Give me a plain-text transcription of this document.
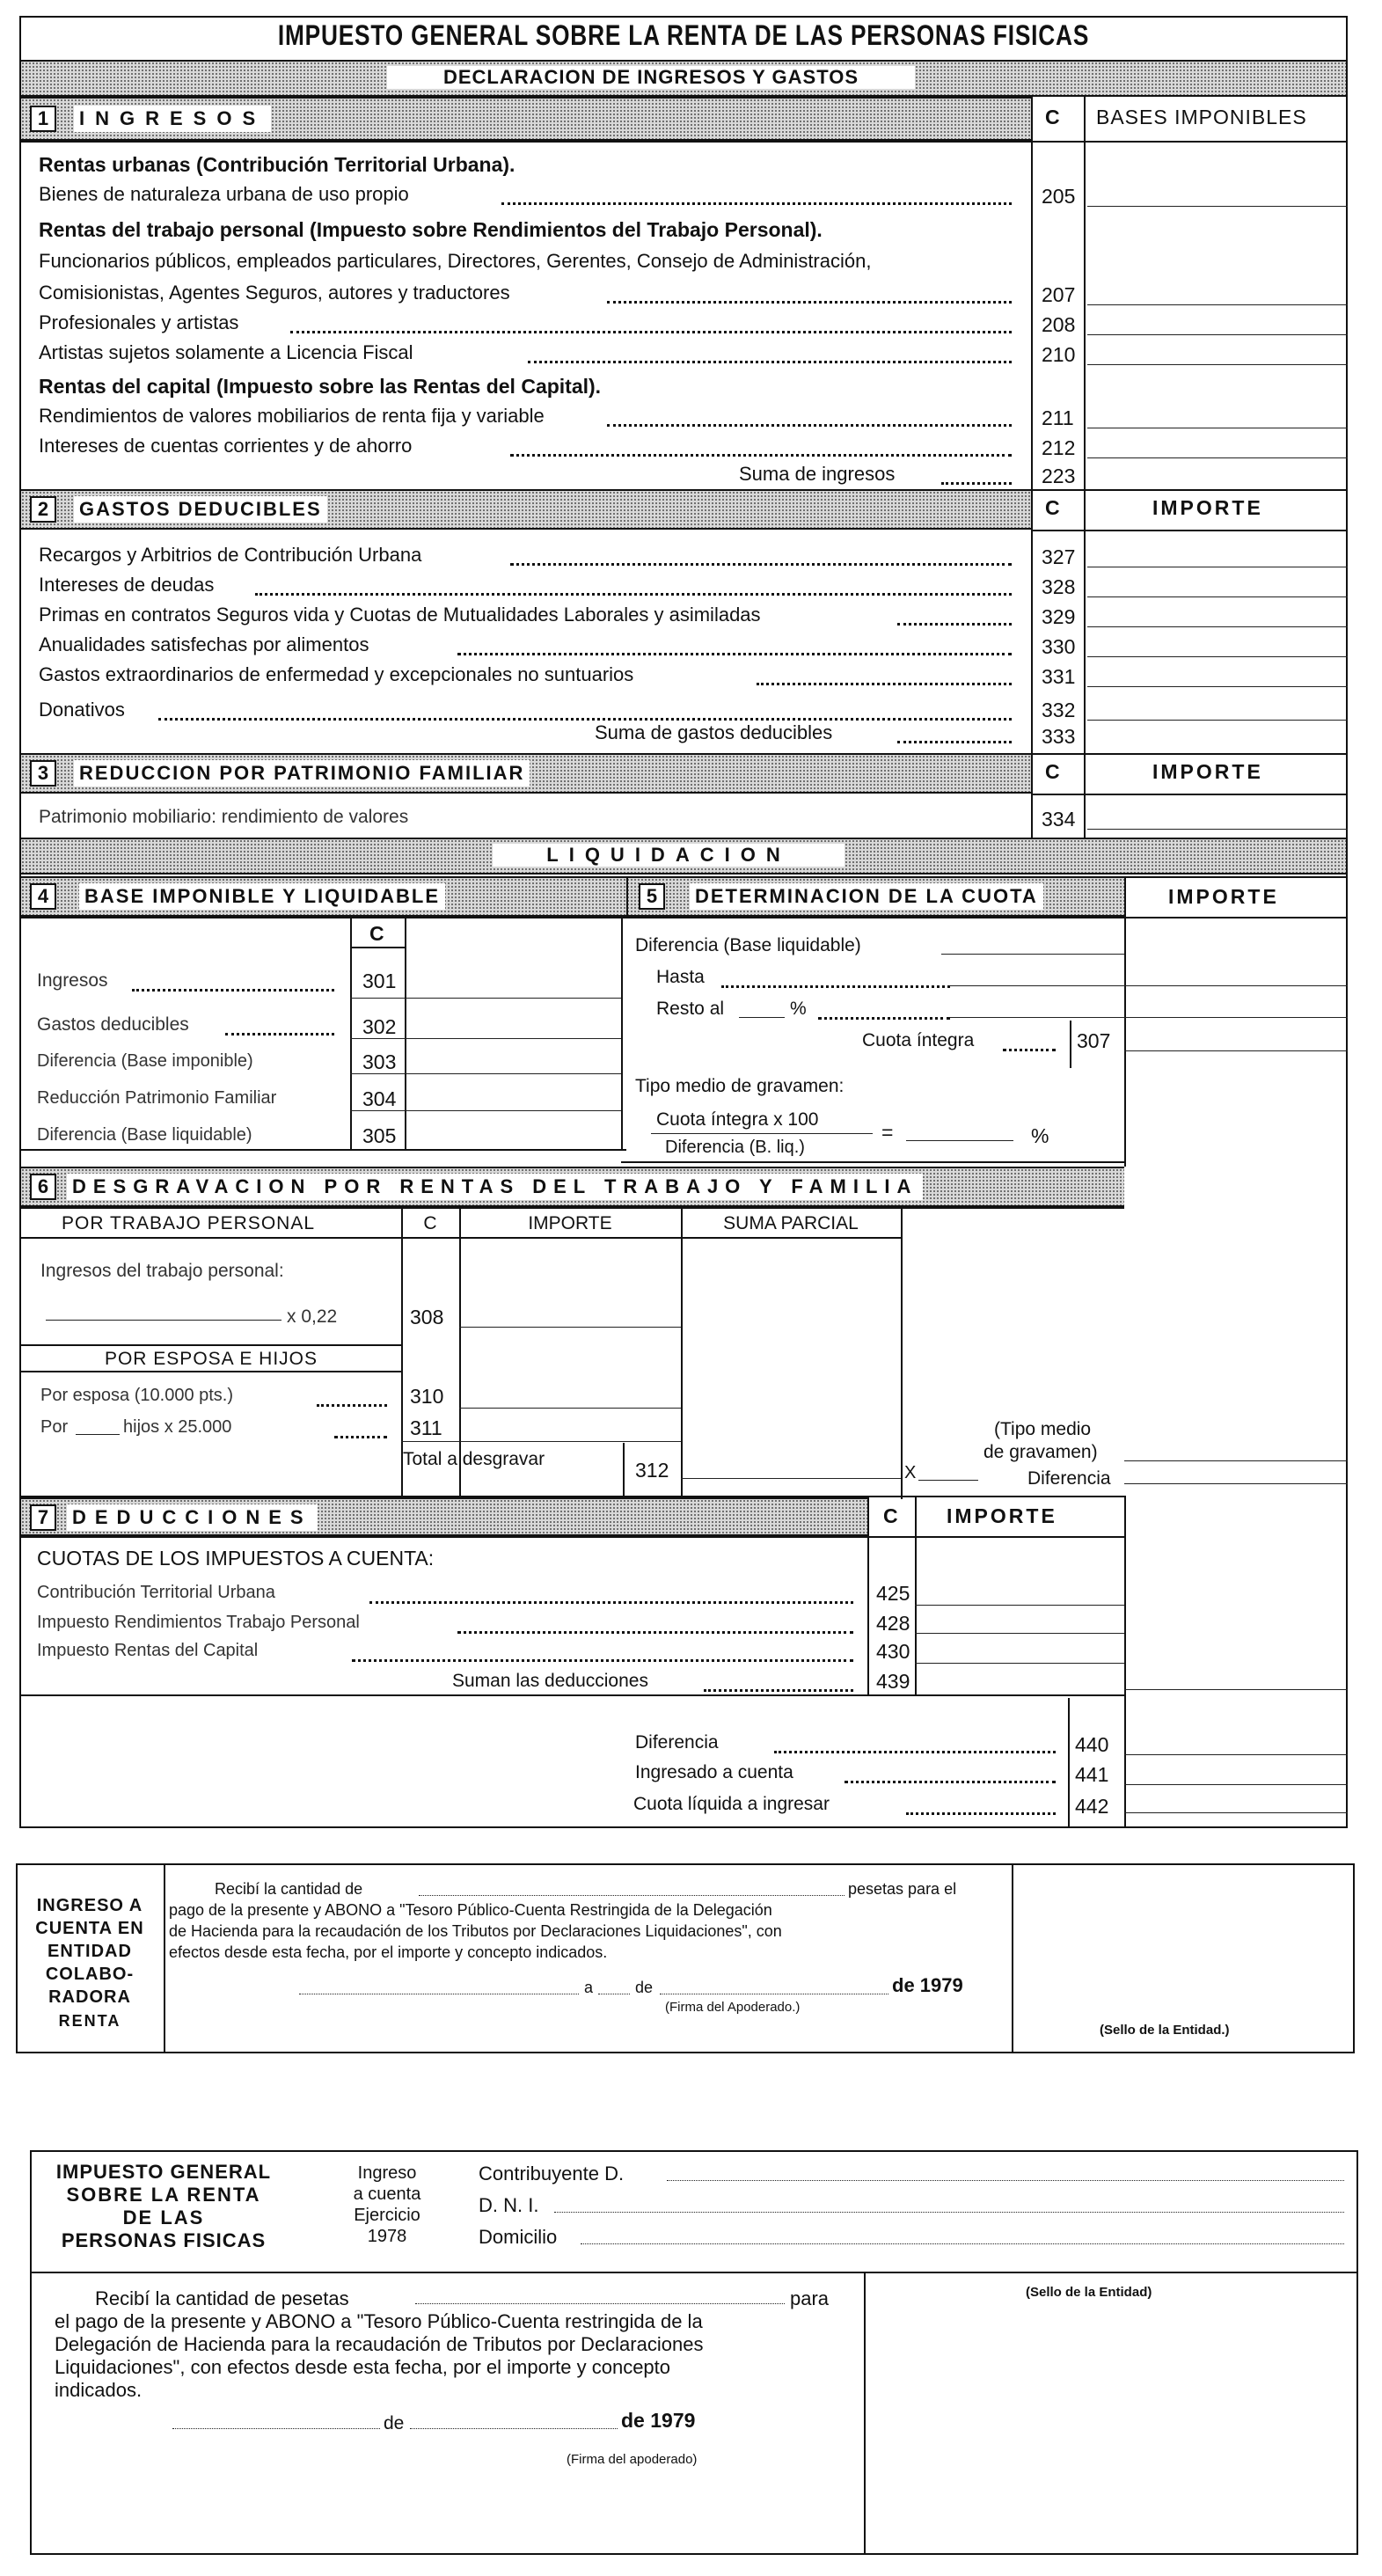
IMPUESTO GENERAL SOBRE LA RENTA DE LAS PERSONAS FISICAS
DECLARACION DE INGRESOS Y GASTOS
1	INGRESOS	C BASES IMPONIBLES
Rentas urbanas (Contribución Territorial Urbana).
Bienes de naturaleza urbana de uso propio	205
Rentas del trabajo personal (Impuesto sobre Rendimientos del Trabajo Personal).
Funcionarios públicos, empleados particulares, Directores, Gerentes, Consejo de Administración,
Comisionistas, Agentes Seguros, autores y traductores	207
Profesionales y artistas	208
Artistas sujetos solamente a Licencia Fiscal	210
Rentas del capital (Impuesto sobre las Rentas del Capital).
Rendimientos de valores mobiliarios de renta fija y variable	211
Intereses de cuentas corrientes y de ahorro	212
Suma de ingresos	223
2	GASTOS DEDUCIBLES	C	IMPORTE
Recargos y Arbitrios de Contribución Urbana	327
Intereses de deudas	328
Primas en contratos Seguros vida y Cuotas de Mutualidades Laborales y asimiladas	329
Anualidades satisfechas por alimentos	330
Gastos extraordinarios de enfermedad y excepcionales no suntuarios	331
Donativos	332
Suma de gastos deducibles	333
3	REDUCCION POR PATRIMONIO FAMILIAR	C	IMPORTE
Patrimonio mobiliario: rendimiento de valores	334
LIQUIDACION
4	BASE IMPONIBLE Y LIQUIDABLE	5	DETERMINACION DE LA CUOTA	IMPORTE
C
Ingresos	301
Gastos deducibles	302
Diferencia (Base imponible)	303
Reducción Patrimonio Familiar	304
Diferencia (Base liquidable)	305
Diferencia (Base liquidable)
Hasta
Resto al	%
Cuota íntegra	307
Tipo medio de gravamen:
Cuota íntegra x 100
Diferencia (B. liq.)
=	%
6	DESGRAVACION POR RENTAS DEL TRABAJO Y FAMILIA
POR TRABAJO PERSONAL	C	IMPORTE	SUMA PARCIAL
Ingresos del trabajo personal:
x 0,22	308
POR ESPOSA E HIJOS
Por esposa (10.000 pts.)	310
Por	hijos x 25.000	311
Total a desgravar	312	X
(Tipo medio
de gravamen)
Diferencia
7	DEDUCCIONES	C IMPORTE
CUOTAS DE LOS IMPUESTOS A CUENTA:
Contribución Territorial Urbana	425
Impuesto Rendimientos Trabajo Personal	428
Impuesto Rentas del Capital	430
Suman las deducciones	439
Diferencia	440
Ingresado a cuenta	441
Cuota líquida a ingresar	442
INGRESO A
CUENTA EN
ENTIDAD
COLABO-
RADORA
RENTA
Recibí la cantidad de	pesetas para el
pago de la presente y ABONO a "Tesoro Público-Cuenta Restringida de la Delegación
de Hacienda para la recaudación de los Tributos por Declaraciones Liquidaciones", con
efectos desde esta fecha, por el importe y concepto indicados.
a	de	de 1979
(Firma del Apoderado.)
(Sello de la Entidad.)
IMPUESTO GENERAL
SOBRE LA RENTA
DE LAS
PERSONAS FISICAS
Ingreso
a cuenta
Ejercicio
1978
Contribuyente D.
D. N. I.
Domicilio
Recibí la cantidad de pesetas	para
el pago de la presente y ABONO a "Tesoro Público-Cuenta restringida de la
Delegación de Hacienda para la recaudación de Tributos por Declaraciones
Liquidaciones", con efectos desde esta fecha, por el importe y concepto
indicados.
de	de 1979
(Firma del apoderado)
(Sello de la Entidad)
